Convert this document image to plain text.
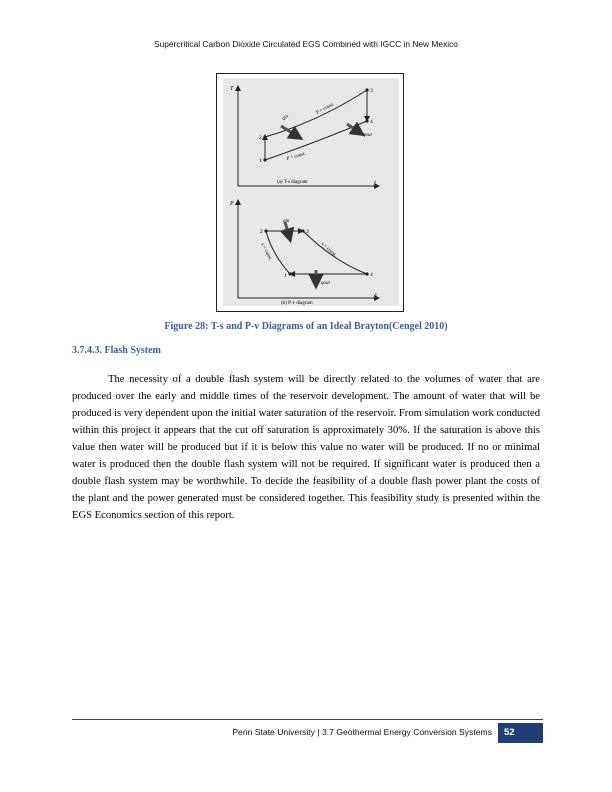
Supercritical Carbon Dioxide Circulated EGS Combined with IGCC in New Mexico
T
s
1
2
3
4
P = const.
P = const.
qin
qout
(a) T-s diagram
P
v
1
2	3
4
s = const.	s = const.
qin
qout
(b) P-v diagram
Figure 28: T-s and P-v Diagrams of an Ideal Brayton(Cengel 2010)
3.7.4.3. Flash System

The necessity of a double flash system will be directly related to the volumes of water that are produced over the early and middle times of the reservoir development. The amount of water that will be produced is very dependent upon the initial water saturation of the reservoir. From simulation work conducted within this project it appears that the cut off saturation is approximately 30%. If the saturation is above this value then water will be produced but if it is below this value no water will be produced. If no or minimal water is produced then the double flash system will not be required. If significant water is produced then a double flash system may be worthwhile. To decide the feasibility of a double flash power plant the costs of the plant and the power generated must be considered together. This feasibility study is presented within the EGS Economics section of this report.

Penn State University | 3.7 Geothermal Energy Conversion Systems	52
